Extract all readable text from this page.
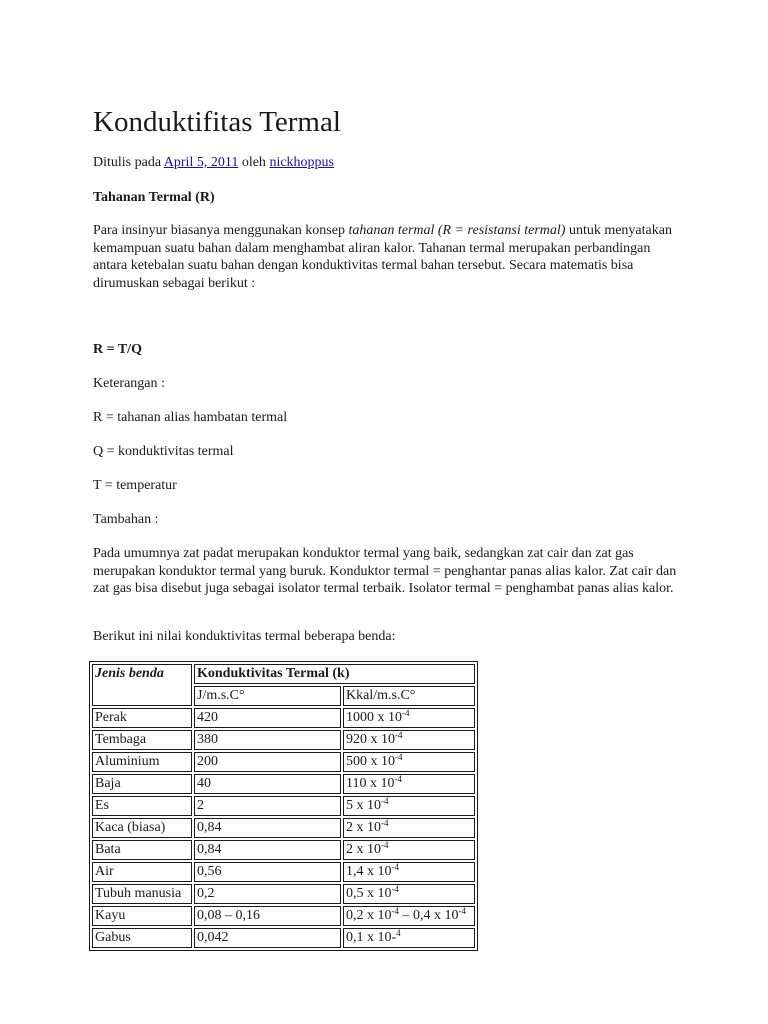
Konduktifitas Termal
Ditulis pada April 5, 2011 oleh nickhoppus

Tahanan Termal (R)

Para insinyur biasanya menggunakan konsep tahanan termal (R = resistansi termal) untuk menyatakan kemampuan suatu bahan dalam menghambat aliran kalor. Tahanan termal merupakan perbandingan antara ketebalan suatu bahan dengan konduktivitas termal bahan tersebut. Secara matematis bisa dirumuskan sebagai berikut :

R = T/Q

Keterangan :

R = tahanan alias hambatan termal

Q = konduktivitas termal

T = temperatur

Tambahan :

Pada umumnya zat padat merupakan konduktor termal yang baik, sedangkan zat cair dan zat gas merupakan konduktor termal yang buruk. Konduktor termal = penghantar panas alias kalor. Zat cair dan zat gas bisa disebut juga sebagai isolator termal terbaik. Isolator termal = penghambat panas alias kalor.

Berikut ini nilai konduktivitas termal beberapa benda:

Jenis benda	Konduktivitas Termal (k)	
	J/m.s.C°	Kkal/m.s.C°
Perak	420	1000 x $10^{-4}$
Tembaga	380	920 x $10^{-4}$
Aluminium	200	500 x $10^{-4}$
Baja	40	110 x $10^{-4}$
Es	2	5 x $10^{-4}$
Kaca (biasa)	0,84	2 x $10^{-4}$
Bata	0,84	2 x $10^{-4}$
Air	0,56	1,4 x $10^{-4}$
Tubuh manusia	0,2	0,5 x $10^{-4}$
Kayu	0,08 – 0,16	0,2 x $10^{-4} - 0,4$ x $10^{-4}$
Gabus	0,042	0,1 x 10-$^4$
